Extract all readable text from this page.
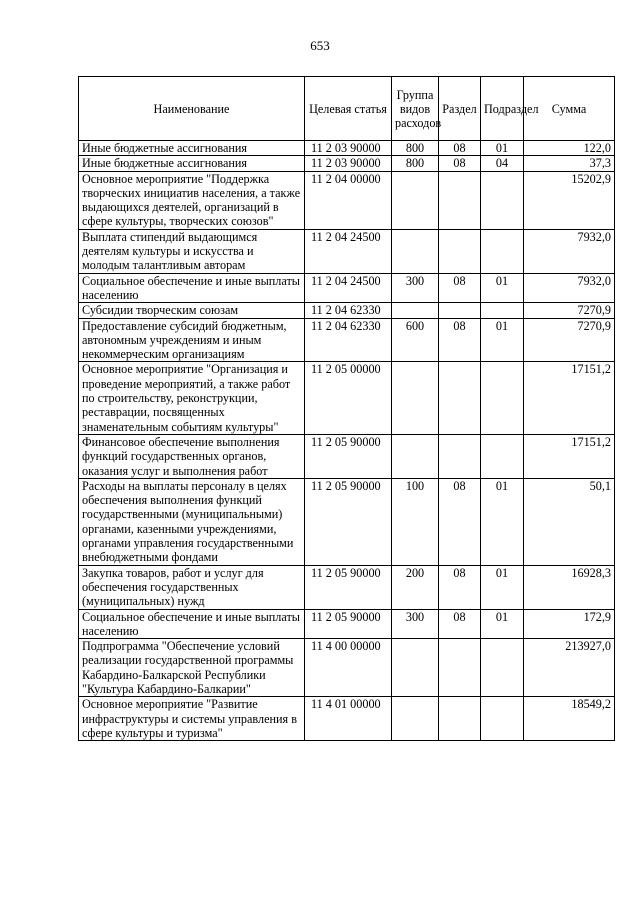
653
Наименование	Целевая статья	Группа видов расходов	Раздел	Подраздел	Сумма
Иные бюджетные ассигнования	11 2 03 90000	800	08	01	122,0
Иные бюджетные ассигнования	11 2 03 90000	800	08	04	37,3
Основное мероприятие "Поддержка творческих инициатив населения, а также выдающихся деятелей, организаций в сфере культуры, творческих союзов"	11 2 04 00000				15202,9
Выплата стипендий выдающимся деятелям культуры и искусства и молодым талантливым авторам	11 2 04 24500				7932,0
Социальное обеспечение и иные выплаты населению	11 2 04 24500	300	08	01	7932,0
Субсидии творческим союзам	11 2 04 62330				7270,9
Предоставление субсидий бюджетным, автономным учреждениям и иным некоммерческим организациям	11 2 04 62330	600	08	01	7270,9
Основное мероприятие "Организация и проведение мероприятий, а также работ по строительству, реконструкции, реставрации, посвященных знаменательным событиям культуры"	11 2 05 00000				17151,2
Финансовое обеспечение выполнения функций государственных органов, оказания услуг и выполнения работ	11 2 05 90000				17151,2
Расходы на выплаты персоналу в целях обеспечения выполнения функций государственными (муниципальными) органами, казенными учреждениями, органами управления государственными внебюджетными фондами	11 2 05 90000	100	08	01	50,1
Закупка товаров, работ и услуг для обеспечения государственных (муниципальных) нужд	11 2 05 90000	200	08	01	16928,3
Социальное обеспечение и иные выплаты населению	11 2 05 90000	300	08	01	172,9
Подпрограмма "Обеспечение условий реализации государственной программы Кабардино-Балкарской Республики "Культура Кабардино-Балкарии"	11 4 00 00000				213927,0
Основное мероприятие "Развитие инфраструктуры и системы управления в сфере культуры и туризма"	11 4 01 00000				18549,2
